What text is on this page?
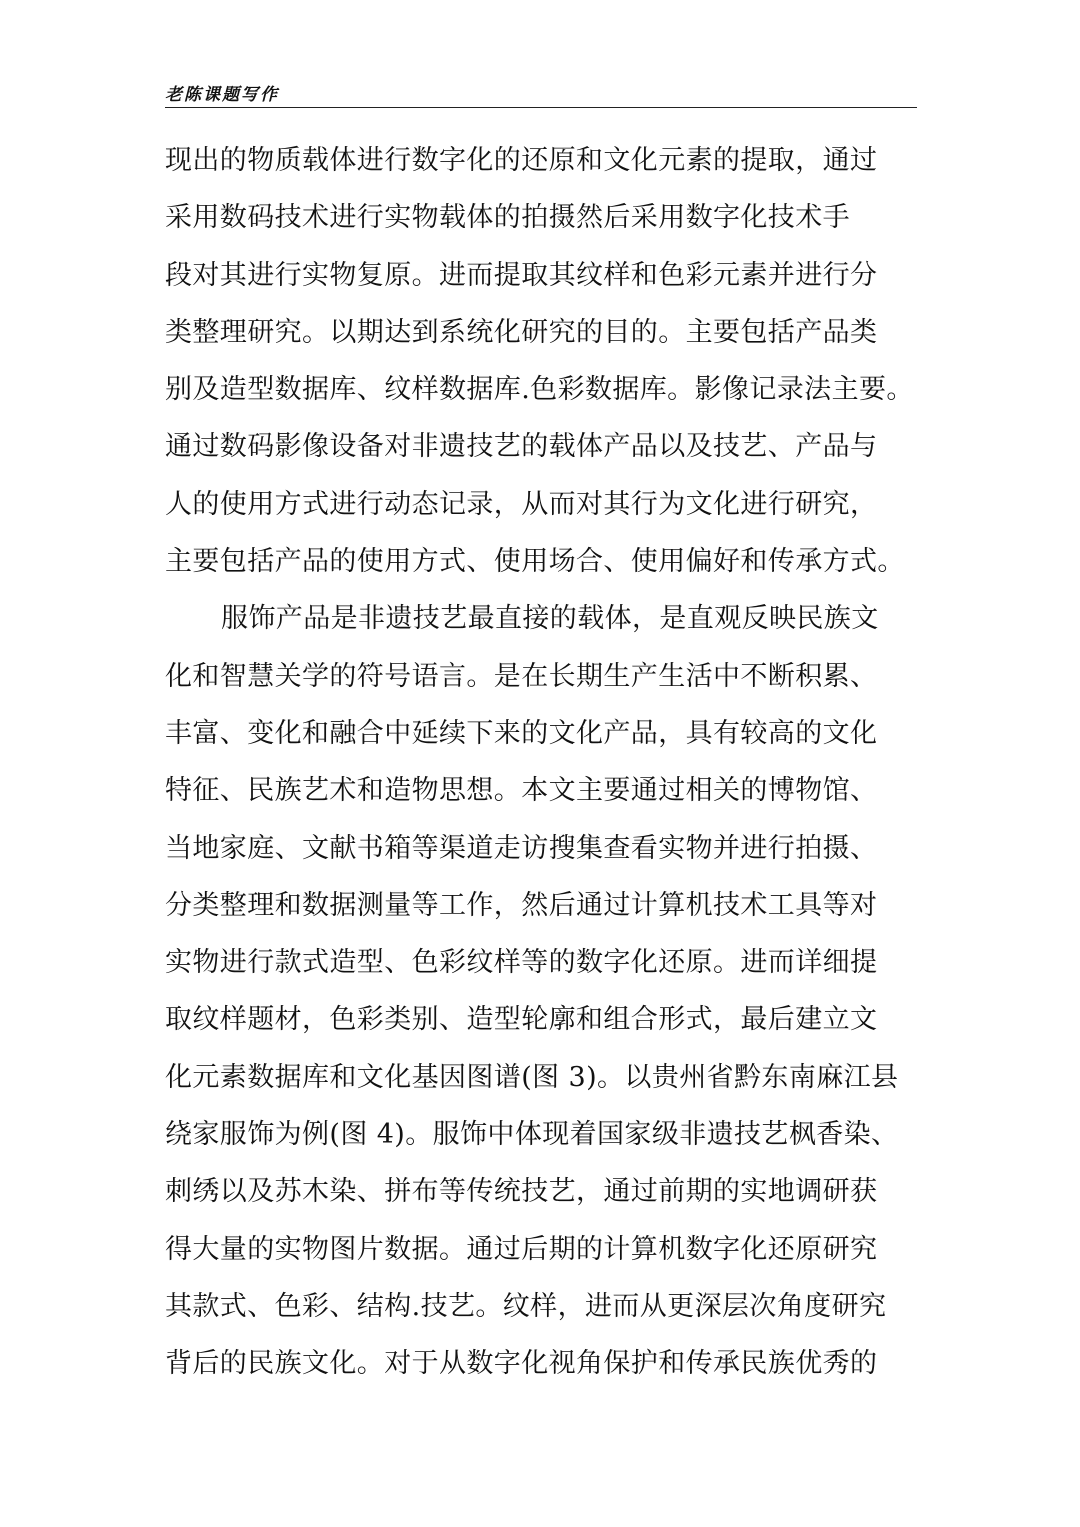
老陈课题写作
现出的物质载体进行数字化的还原和文化元素的提取，通过
采用数码技术进行实物载体的拍摄然后采用数字化技术手
段对其进行实物复原。进而提取其纹样和色彩元素并进行分
类整理研究。以期达到系统化研究的目的。主要包括产品类
别及造型数据库、纹样数据库.色彩数据库。影像记录法主要。
通过数码影像设备对非遗技艺的载体产品以及技艺、产品与
人的使用方式进行动态记录，从而对其行为文化进行研究，
主要包括产品的使用方式、使用场合、使用偏好和传承方式。
服饰产品是非遗技艺最直接的载体，是直观反映民族文
化和智慧关学的符号语言。是在长期生产生活中不断积累、
丰富、变化和融合中延续下来的文化产品，具有较高的文化
特征、民族艺术和造物思想。本文主要通过相关的博物馆、
当地家庭、文献书箱等渠道走访搜集查看实物并进行拍摄、
分类整理和数据测量等工作，然后通过计算机技术工具等对
实物进行款式造型、色彩纹样等的数字化还原。进而详细提
取纹样题材，色彩类别、造型轮廓和组合形式，最后建立文
化元素数据库和文化基因图谱(图 3)。以贵州省黔东南麻江县
绕家服饰为例(图 4)。服饰中体现着国家级非遗技艺枫香染、
刺绣以及苏木染、拼布等传统技艺，通过前期的实地调研获
得大量的实物图片数据。通过后期的计算机数字化还原研究
其款式、色彩、结构.技艺。纹样，进而从更深层次角度研究
背后的民族文化。对于从数字化视角保护和传承民族优秀的
